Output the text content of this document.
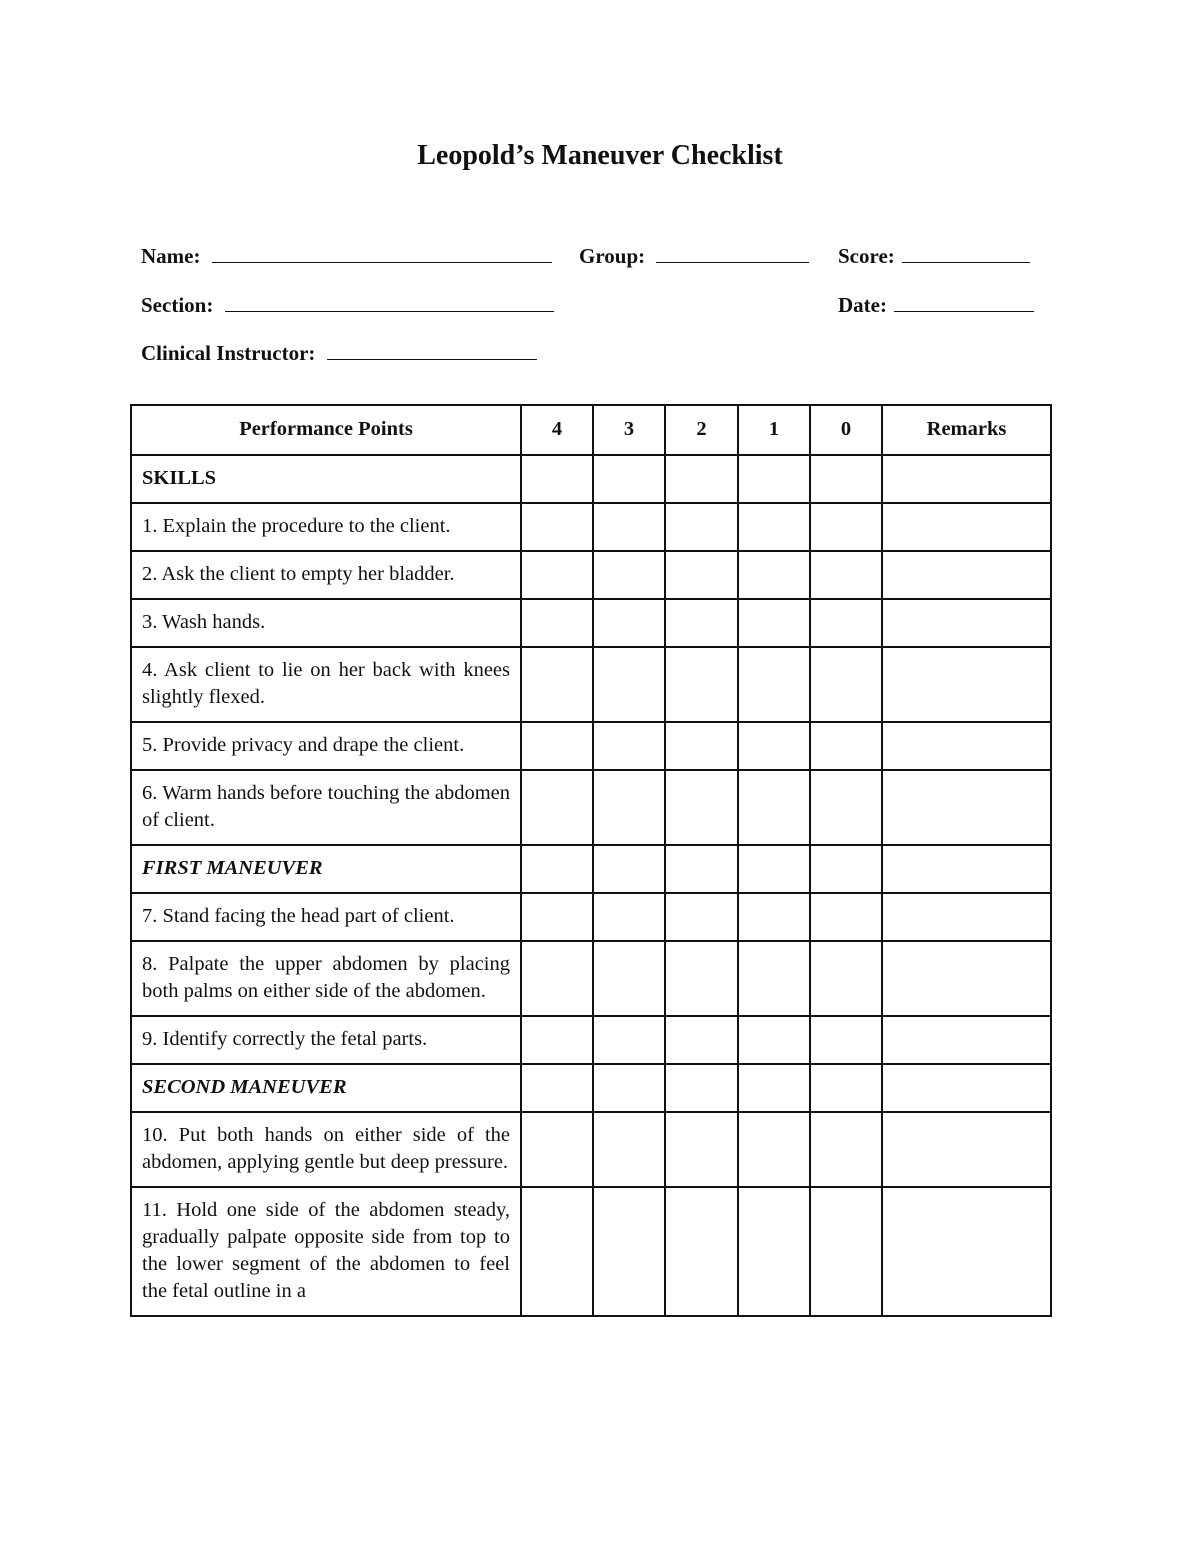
Leopold’s Maneuver Checklist
Name:	Group:	Score:
Section:	Date:
Clinical Instructor:
Performance Points	4	3	2	1	0	Remarks
SKILLS						
1. Explain the procedure to the client.						
2. Ask the client to empty her bladder.						
3. Wash hands.						
4. Ask client to lie on her back with knees slightly flexed.						
5. Provide privacy and drape the client.						
6. Warm hands before touching the abdomen of client.						
FIRST MANEUVER						
7. Stand facing the head part of client.						
8. Palpate the upper abdomen by placing both palms on either side of the abdomen.						
9. Identify correctly the fetal parts.						
SECOND MANEUVER						
10. Put both hands on either side of the abdomen, applying gentle but deep pressure.						
11. Hold one side of the abdomen steady, gradually palpate opposite side from top to the lower segment of the abdomen to feel the fetal outline in a						
